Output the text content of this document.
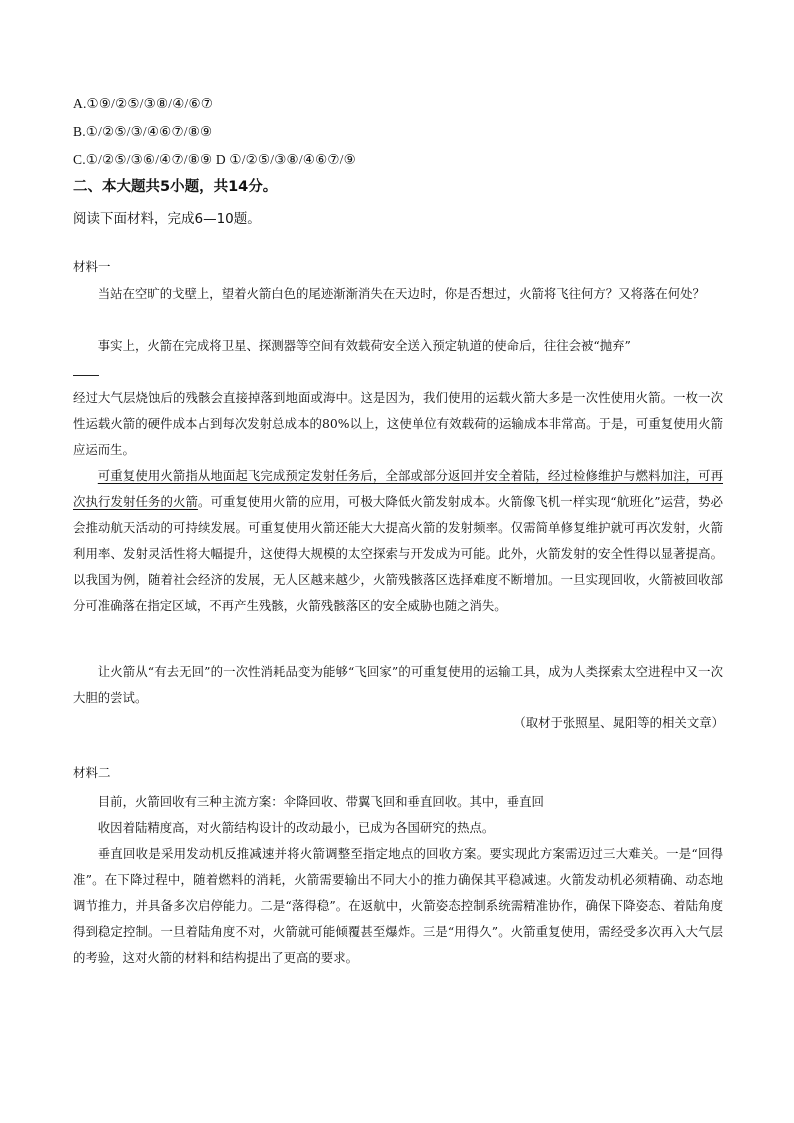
A.①⑨/②⑤/③⑧/④/⑥⑦
B.①/②⑤/③/④⑥⑦/⑧⑨
C.①/②⑤/③⑥/④⑦/⑧⑨ D ①/②⑤/③⑧/④⑥⑦/⑨
二、本大题共5小题，共14分。
阅读下面材料，完成6—10题。
材料一

当站在空旷的戈壁上，望着火箭白色的尾迹渐渐消失在天边时，你是否想过，火箭将飞往何方？又将落在何处？

事实上，火箭在完成将卫星、探测器等空间有效载荷安全送入预定轨道的使命后，往往会被“抛弃”

经过大气层烧蚀后的残骸会直接掉落到地面或海中。这是因为，我们使用的运载火箭大多是一次性使用火箭。一枚一次性运载火箭的硬件成本占到每次发射总成本的80%以上，这使单位有效载荷的运输成本非常高。于是，可重复使用火箭应运而生。

可重复使用火箭指从地面起飞完成预定发射任务后，全部或部分返回并安全着陆，经过检修维护与燃料加注，可再次执行发射任务的火箭。可重复使用火箭的应用，可极大降低火箭发射成本。火箭像飞机一样实现“航班化”运营，势必会推动航天活动的可持续发展。可重复使用火箭还能大大提高火箭的发射频率。仅需简单修复维护就可再次发射，火箭利用率、发射灵活性将大幅提升，这使得大规模的太空探索与开发成为可能。此外，火箭发射的安全性得以显著提高。以我国为例，随着社会经济的发展，无人区越来越少，火箭残骸落区选择难度不断增加。一旦实现回收，火箭被回收部分可准确落在指定区域，不再产生残骸，火箭残骸落区的安全威胁也随之消失。

让火箭从“有去无回”的一次性消耗品变为能够“飞回家”的可重复使用的运输工具，成为人类探索太空进程中又一次大胆的尝试。

（取材于张照星、晁阳等的相关文章）
材料二

目前，火箭回收有三种主流方案：伞降回收、带翼飞回和垂直回收。其中，垂直回

收因着陆精度高，对火箭结构设计的改动最小，已成为各国研究的热点。

垂直回收是采用发动机反推减速并将火箭调整至指定地点的回收方案。要实现此方案需迈过三大难关。一是“回得准”。在下降过程中，随着燃料的消耗，火箭需要输出不同大小的推力确保其平稳减速。火箭发动机必须精确、动态地调节推力，并具备多次启停能力。二是“落得稳”。在返航中，火箭姿态控制系统需精准协作，确保下降姿态、着陆角度得到稳定控制。一旦着陆角度不对，火箭就可能倾覆甚至爆炸。三是“用得久”。火箭重复使用，需经受多次再入大气层的考验，这对火箭的材料和结构提出了更高的要求。
